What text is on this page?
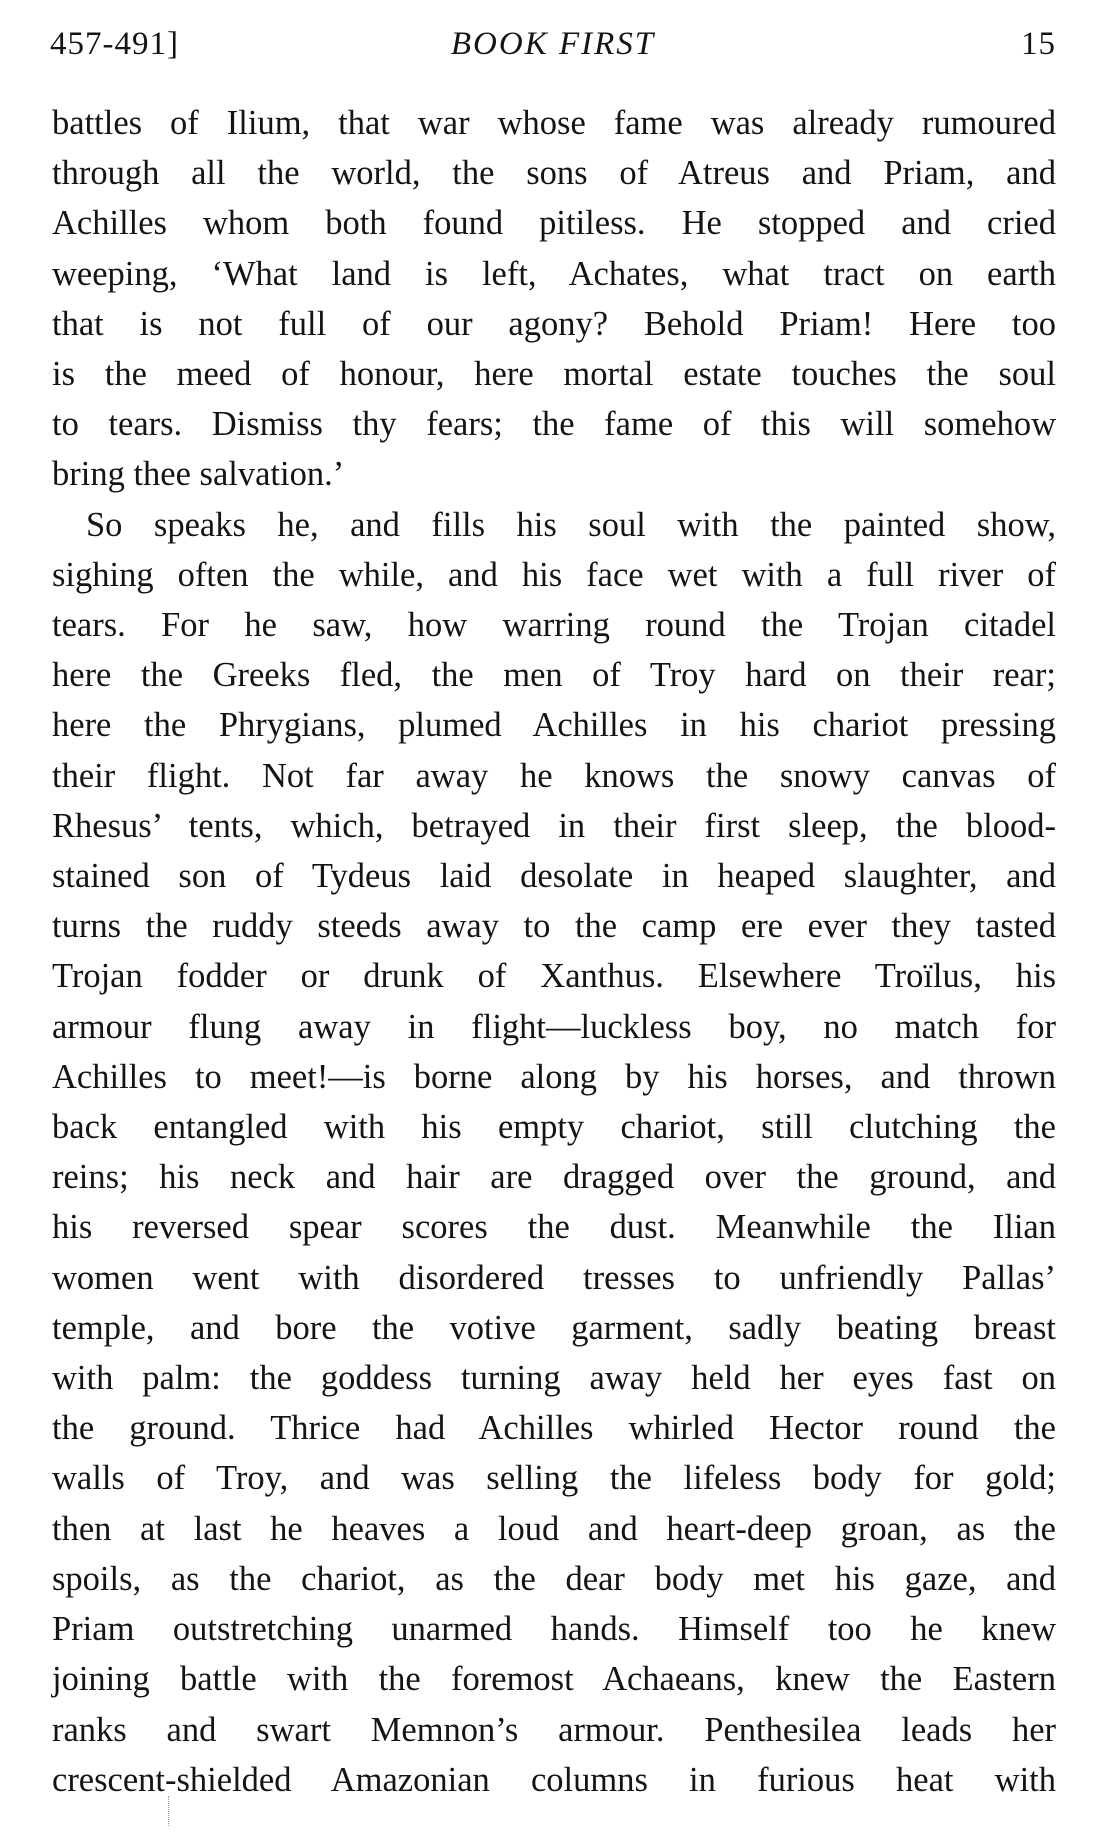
457-491]	BOOK FIRST	15
battles of Ilium, that war whose fame was already rumoured
through all the world, the sons of Atreus and Priam, and
Achilles whom both found pitiless. He stopped and cried
weeping, ‘What land is left, Achates, what tract on earth
that is not full of our agony? Behold Priam! Here too
is the meed of honour, here mortal estate touches the soul
to tears. Dismiss thy fears; the fame of this will somehow
bring thee salvation.’
So speaks he, and fills his soul with the painted show,
sighing often the while, and his face wet with a full river of
tears. For he saw, how warring round the Trojan citadel
here the Greeks fled, the men of Troy hard on their rear;
here the Phrygians, plumed Achilles in his chariot pressing
their flight. Not far away he knows the snowy canvas of
Rhesus’ tents, which, betrayed in their first sleep, the blood-
stained son of Tydeus laid desolate in heaped slaughter, and
turns the ruddy steeds away to the camp ere ever they tasted
Trojan fodder or drunk of Xanthus. Elsewhere Troïlus, his
armour flung away in flight—luckless boy, no match for
Achilles to meet!—is borne along by his horses, and thrown
back entangled with his empty chariot, still clutching the
reins; his neck and hair are dragged over the ground, and
his reversed spear scores the dust. Meanwhile the Ilian
women went with disordered tresses to unfriendly Pallas’
temple, and bore the votive garment, sadly beating breast
with palm: the goddess turning away held her eyes fast on
the ground. Thrice had Achilles whirled Hector round the
walls of Troy, and was selling the lifeless body for gold;
then at last he heaves a loud and heart-deep groan, as the
spoils, as the chariot, as the dear body met his gaze, and
Priam outstretching unarmed hands. Himself too he knew
joining battle with the foremost Achaeans, knew the Eastern
ranks and swart Memnon’s armour. Penthesilea leads her
crescent-shielded Amazonian columns in furious heat with
